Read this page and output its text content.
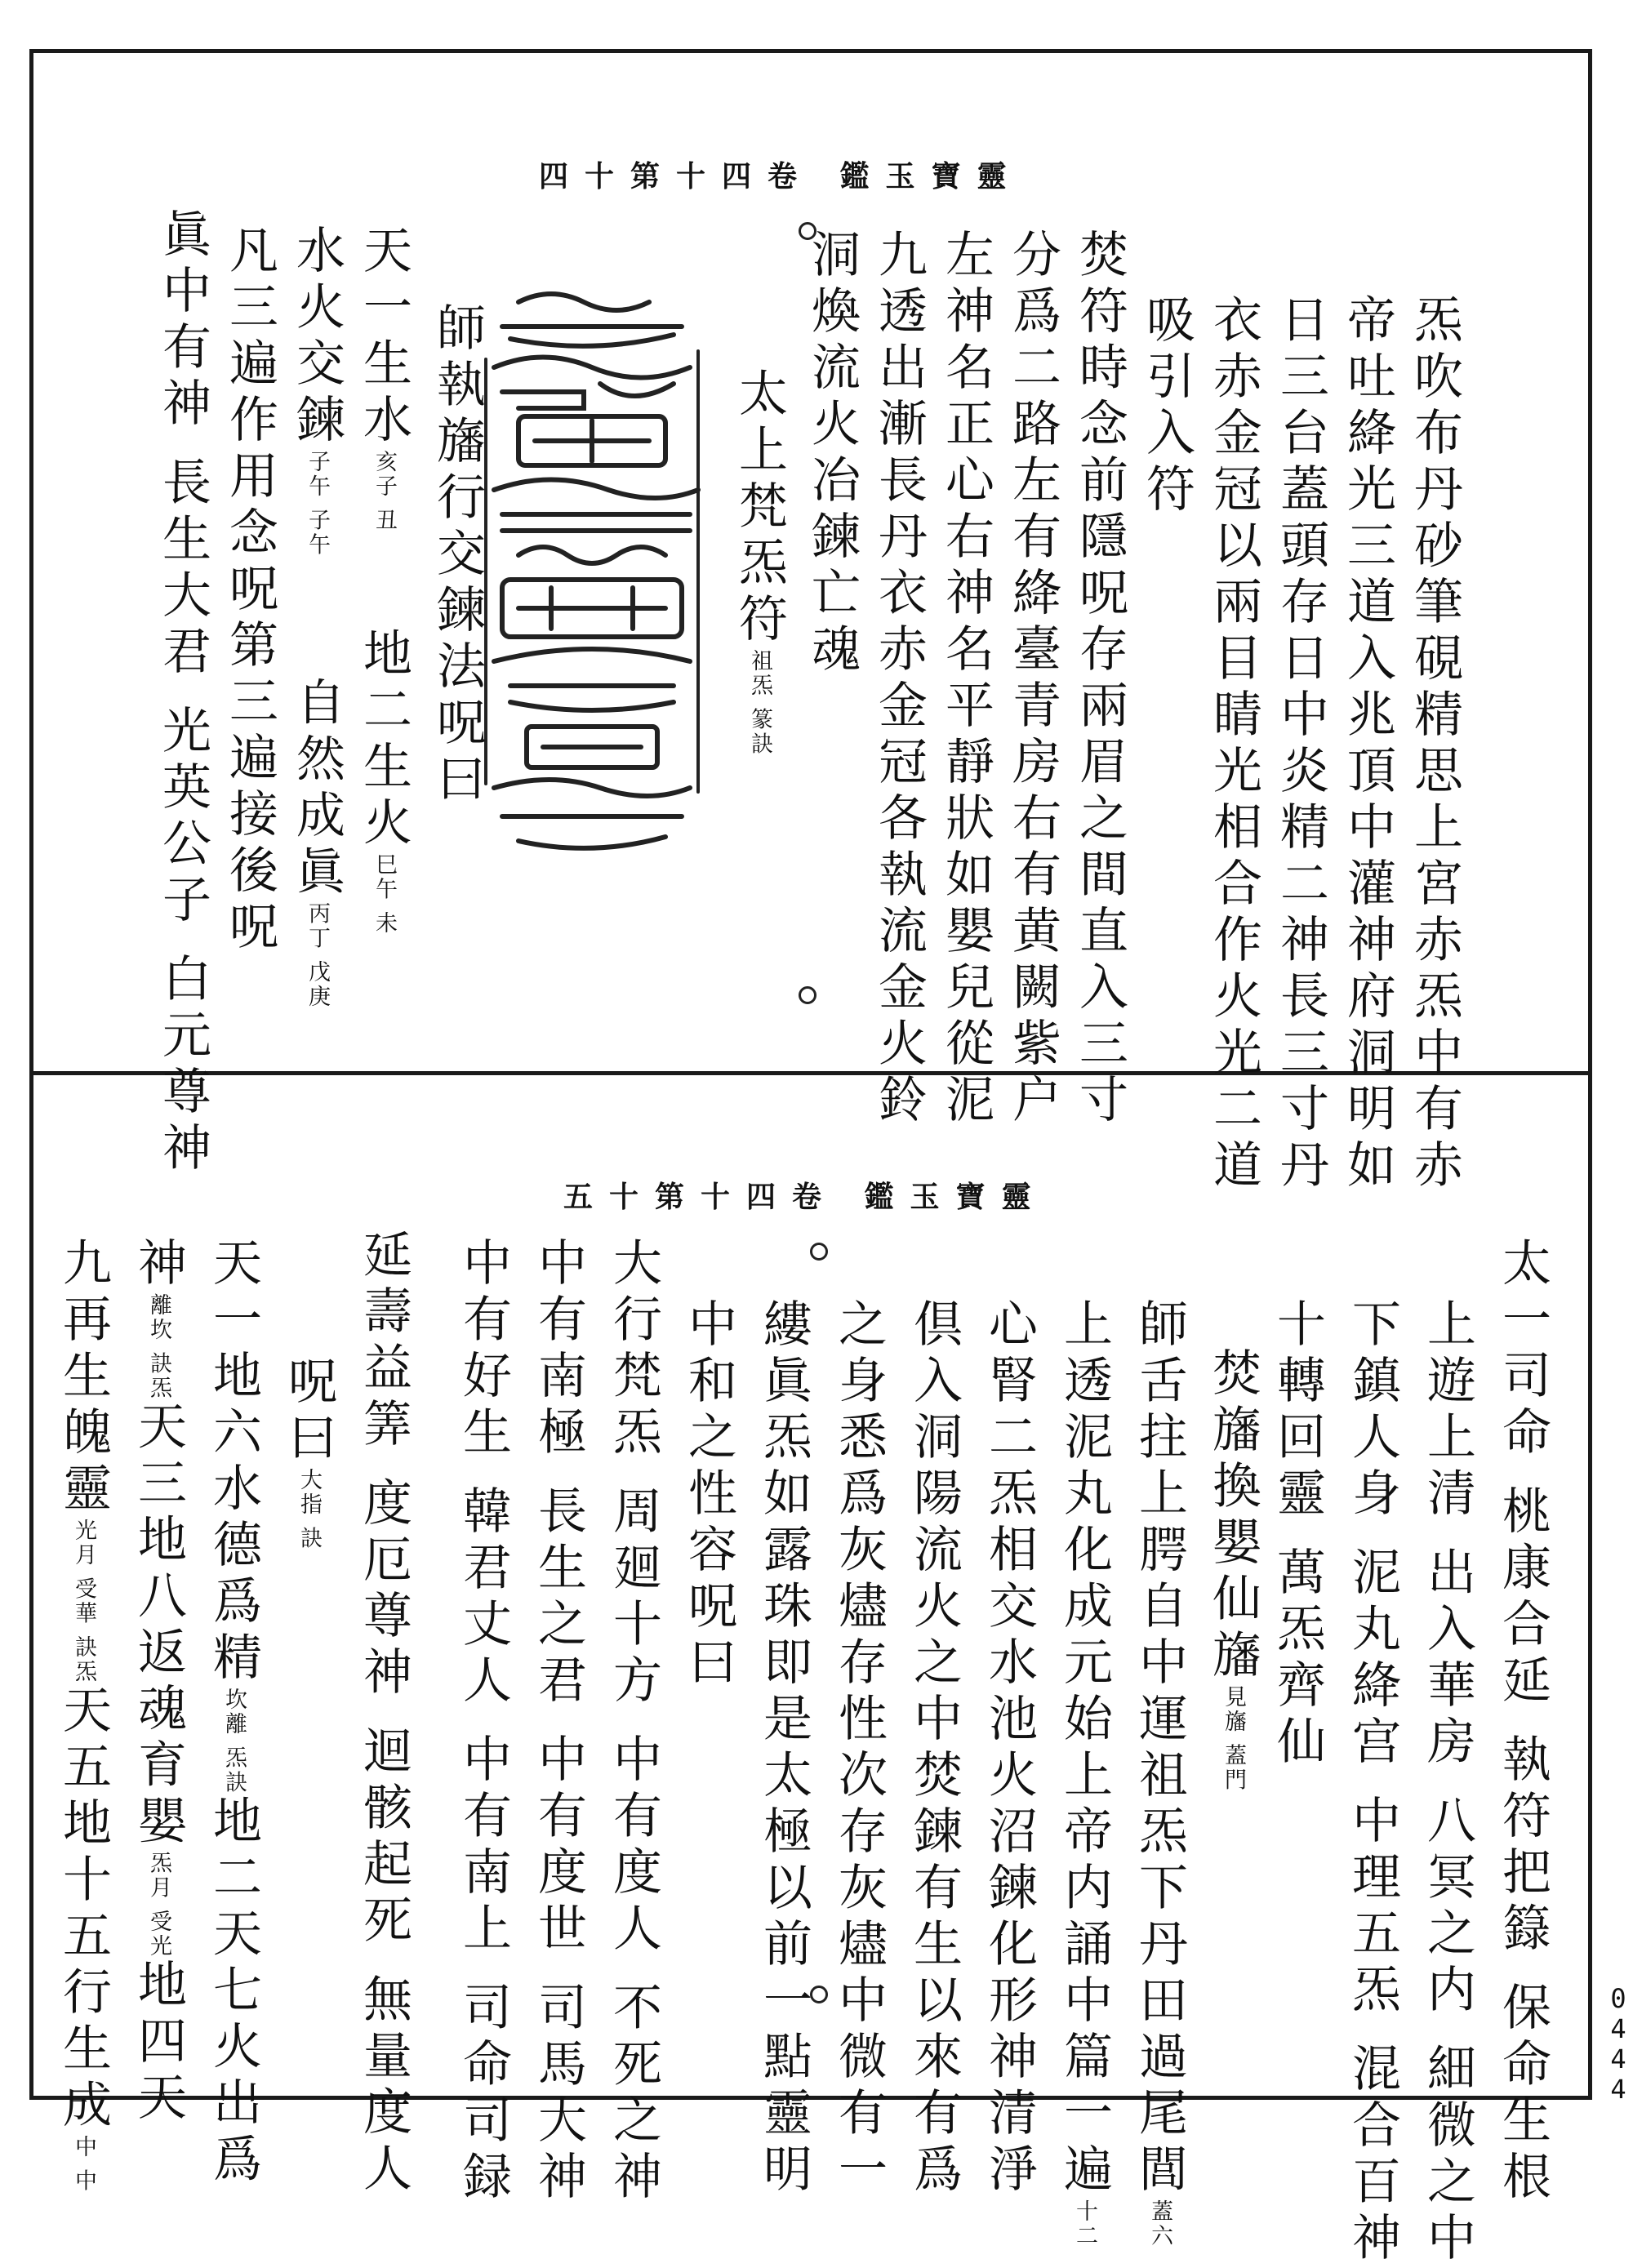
靈寶玉鑑 卷四十第十四
炁吹布丹砂筆硯精思上宮赤炁中有赤
帝吐絳光三道入兆頂中灌神府洞明如
日三台蓋頭存日中炎精二神長三寸丹
衣赤金冠以兩目睛光相合作火光二道
吸引入符
焚符時念前隱呪存兩眉之間直入三寸
分爲二路左有絳臺青房右有黄闕紫户
左神名正心右神名平靜狀如嬰兒從泥
九透出漸長丹衣赤金冠各執流金火鈴
洞煥流火冶鍊亡魂
太上梵炁符祖炁 篆訣
師執旛行交鍊法呪曰
天一生水亥子 丑  地二生火巳午 未
水火交鍊子午 子午  自然成眞丙丁 戊庚
凡三遍作用念呪第三遍接後呪
眞中有神 長生大君 光英公子 白元尊神
靈寶玉鑑 卷四十第十五
太一司命 桃康合延 執符把籙 保命生根
上遊上清 出入華房 八冥之内 細微之中
下鎮人身 泥丸絳宫 中理五炁 混合百神
十轉回靈 萬炁齊仙
焚旛換嬰仙旛見旛 蓋門
師舌拄上腭自中運祖炁下丹田過尾閭蓋六
上透泥丸化成元始上帝内誦中篇一遍十二
心腎二炁相交水池火沼鍊化形神清淨
倶入洞陽流火之中焚鍊有生以來有爲
之身悉爲灰燼存性次存灰燼中微有一
縷眞炁如露珠即是太極以前一點靈明
中和之性容呪曰
大行梵炁 周廻十方 中有度人 不死之神
中有南極 長生之君 中有度世 司馬大神
中有好生 韓君丈人 中有南上 司命司録
延壽益筭 度厄尊神 迴骸起死 無量度人
呪曰大指 訣
天一地六水德爲精坎離 炁訣地二天七火出爲
神離坎 訣炁天三地八返魂育嬰炁月 受光地四天
九再生魄靈光月 受華 訣炁天五地十五行生成中 中
0
4
4
4
